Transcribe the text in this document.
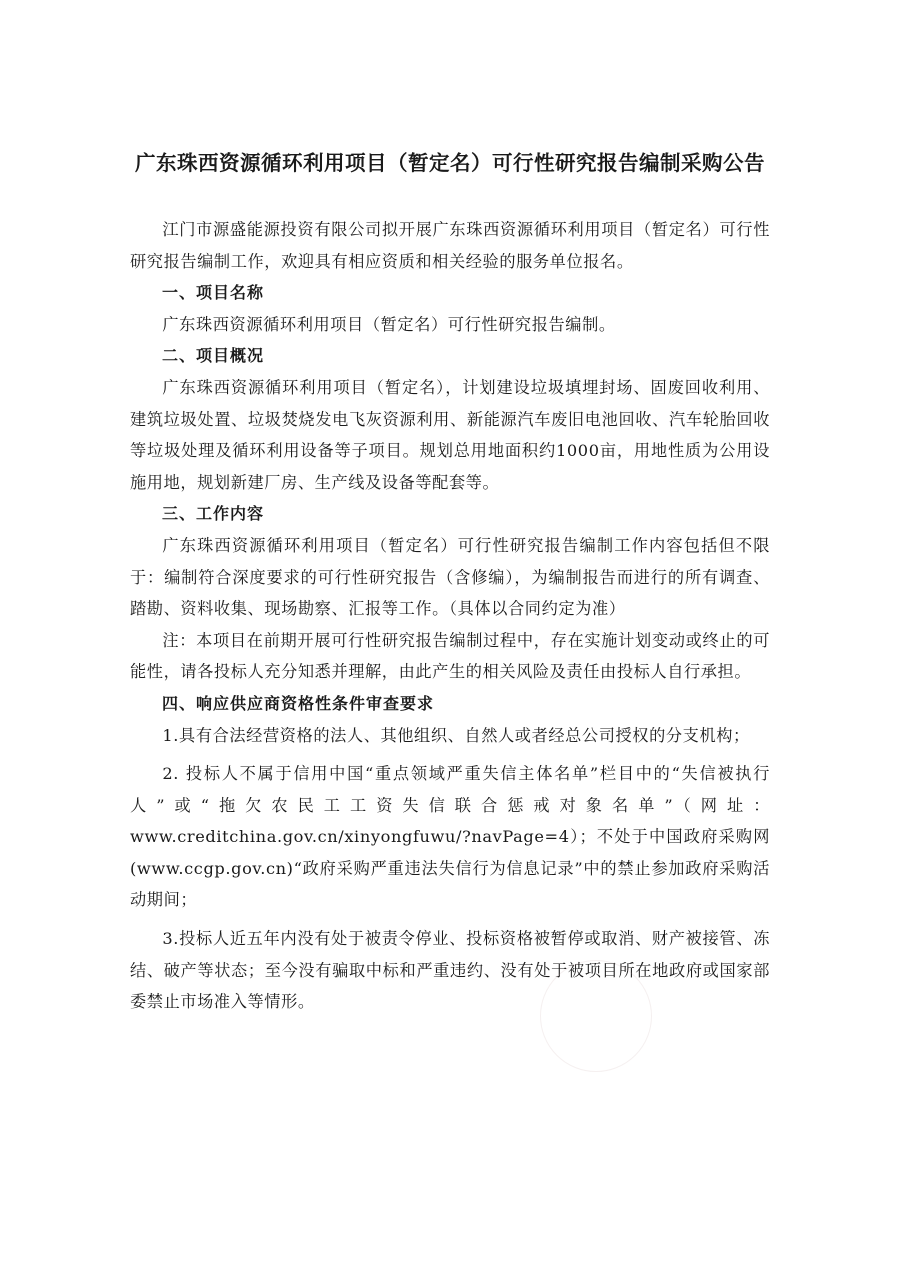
广东珠西资源循环利用项目（暂定名）可行性研究报告编制采购公告

江门市源盛能源投资有限公司拟开展广东珠西资源循环利用项目（暂定名）可行性研究报告编制工作，欢迎具有相应资质和相关经验的服务单位报名。

一、项目名称

广东珠西资源循环利用项目（暂定名）可行性研究报告编制。

二、项目概况

广东珠西资源循环利用项目（暂定名），计划建设垃圾填埋封场、固废回收利用、建筑垃圾处置、垃圾焚烧发电飞灰资源利用、新能源汽车废旧电池回收、汽车轮胎回收等垃圾处理及循环利用设备等子项目。规划总用地面积约1000亩，用地性质为公用设施用地，规划新建厂房、生产线及设备等配套等。

三、工作内容

广东珠西资源循环利用项目（暂定名）可行性研究报告编制工作内容包括但不限于：编制符合深度要求的可行性研究报告（含修编），为编制报告而进行的所有调查、踏勘、资料收集、现场勘察、汇报等工作。（具体以合同约定为准）

注：本项目在前期开展可行性研究报告编制过程中，存在实施计划变动或终止的可能性，请各投标人充分知悉并理解，由此产生的相关风险及责任由投标人自行承担。

四、响应供应商资格性条件审查要求

1.具有合法经营资格的法人、其他组织、自然人或者经总公司授权的分支机构；

2. 投标人不属于信用中国“重点领域严重失信主体名单”栏目中的“失信被执行人”或“拖欠农民工工资失信联合惩戒对象名单”（网址：www.creditchina.gov.cn/xinyongfuwu/?navPage=4）；不处于中国政府采购网(www.ccgp.gov.cn)“政府采购严重违法失信行为信息记录”中的禁止参加政府采购活动期间；

3.投标人近五年内没有处于被责令停业、投标资格被暂停或取消、财产被接管、冻结、破产等状态；至今没有骗取中标和严重违约、没有处于被项目所在地政府或国家部委禁止市场准入等情形。
